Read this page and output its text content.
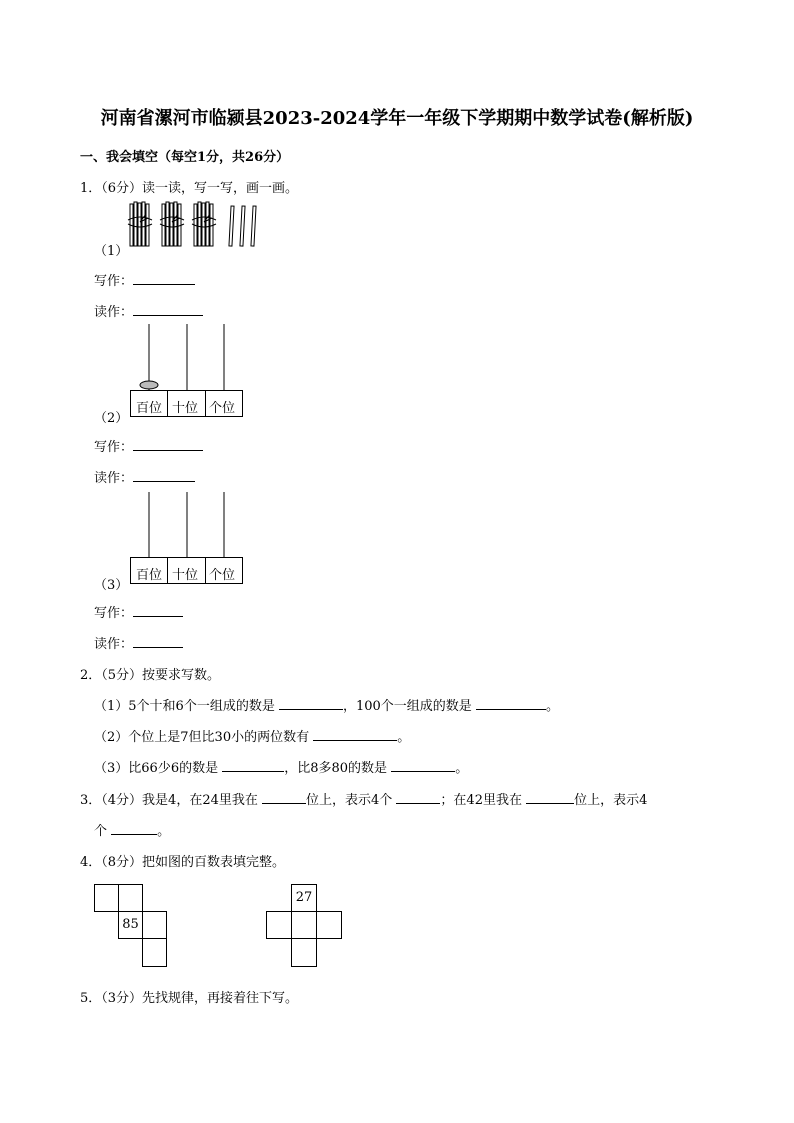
河南省漯河市临颍县2023-2024学年一年级下学期期中数学试卷(解析版)
一、我会填空（每空1分，共26分）
1．（6分）读一读，写一写，画一画。
（1）
写作：
读作：
百位 十位 个位
（2）
写作：
读作：
百位 十位 个位
（3）
写作：
读作：
2．（5分）按要求写数。
（1）5个十和6个一组成的数是	，100个一组成的数是	。
（2）个位上是7但比30小的两位数有	。
（3）比66少6的数是	，比8多80的数是	。
3．（4分）我是4，在24里我在	位上，表示4个	；在42里我在	位上，表示4
个	。
4．（8分）把如图的百数表填完整。
85
27
5．（3分）先找规律，再接着往下写。
